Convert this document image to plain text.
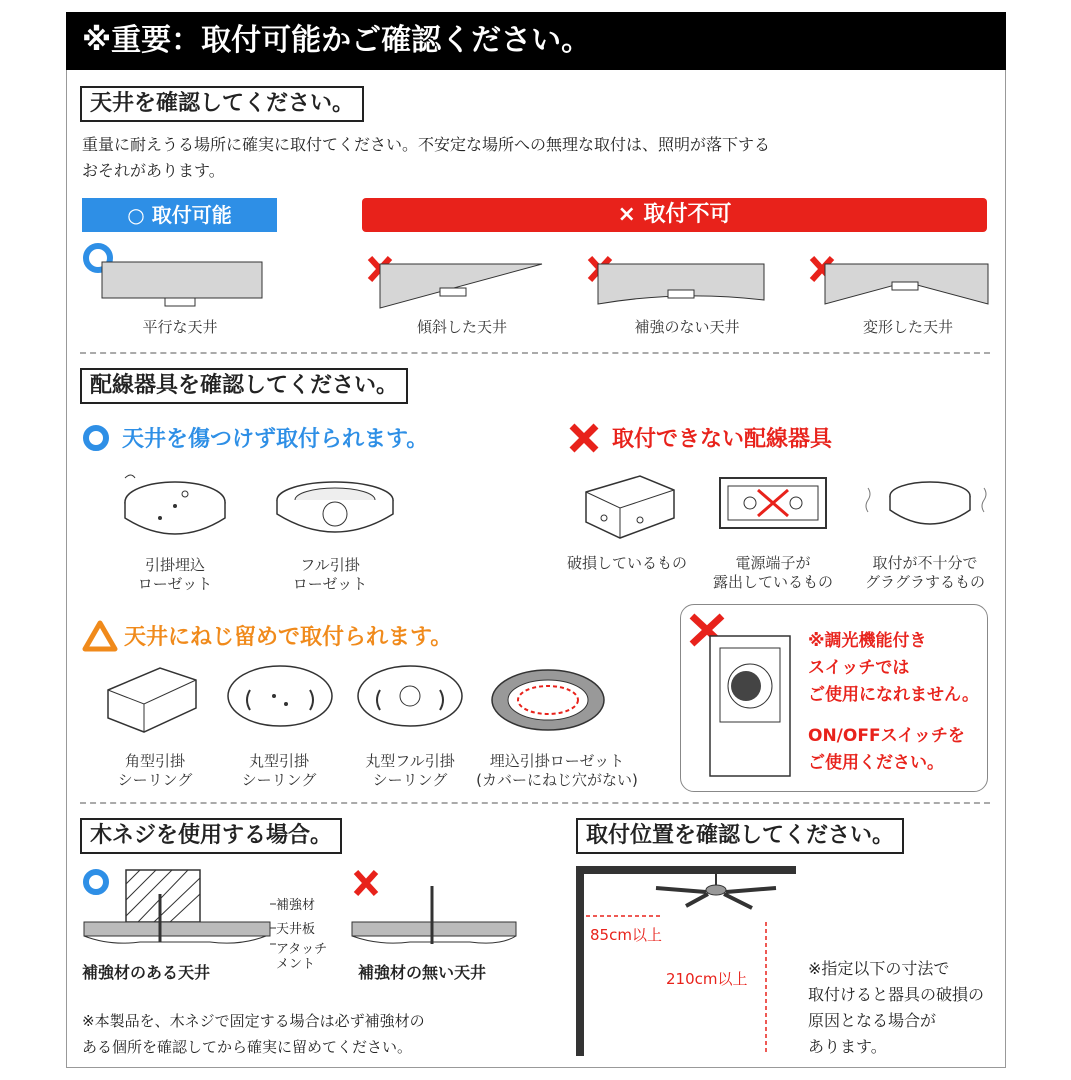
※重要：取付可能かご確認ください。
天井を確認してください。
重量に耐えうる場所に確実に取付てください。不安定な場所への無理な取付は、照明が落下する
おそれがあります。
○ 取付可能	× 取付不可
平行な天井	傾斜した天井	補強のない天井	変形した天井
配線器具を確認してください。
天井を傷つけず取付られます。	取付できない配線器具
引掛埋込
ローゼット
フル引掛
ローゼット
破損しているもの	電源端子が
露出しているもの
取付が不十分で
グラグラするもの
天井にねじ留めで取付られます。
角型引掛
シーリング
丸型引掛
シーリング
丸型フル引掛
シーリング
埋込引掛ローゼット
(カバーにねじ穴がない)
※調光機能付き
スイッチでは
ご使用になれません。
ON/OFFスイッチを
ご使用ください。
木ネジを使用する場合。
補強材
天井板
アタッチ
メント
補強材のある天井	補強材の無い天井
※本製品を、木ネジで固定する場合は必ず補強材の
ある個所を確認してから確実に留めてください。
取付位置を確認してください。
85cm以上
210cm以上
※指定以下の寸法で
取付けると器具の破損の
原因となる場合が
あります。
